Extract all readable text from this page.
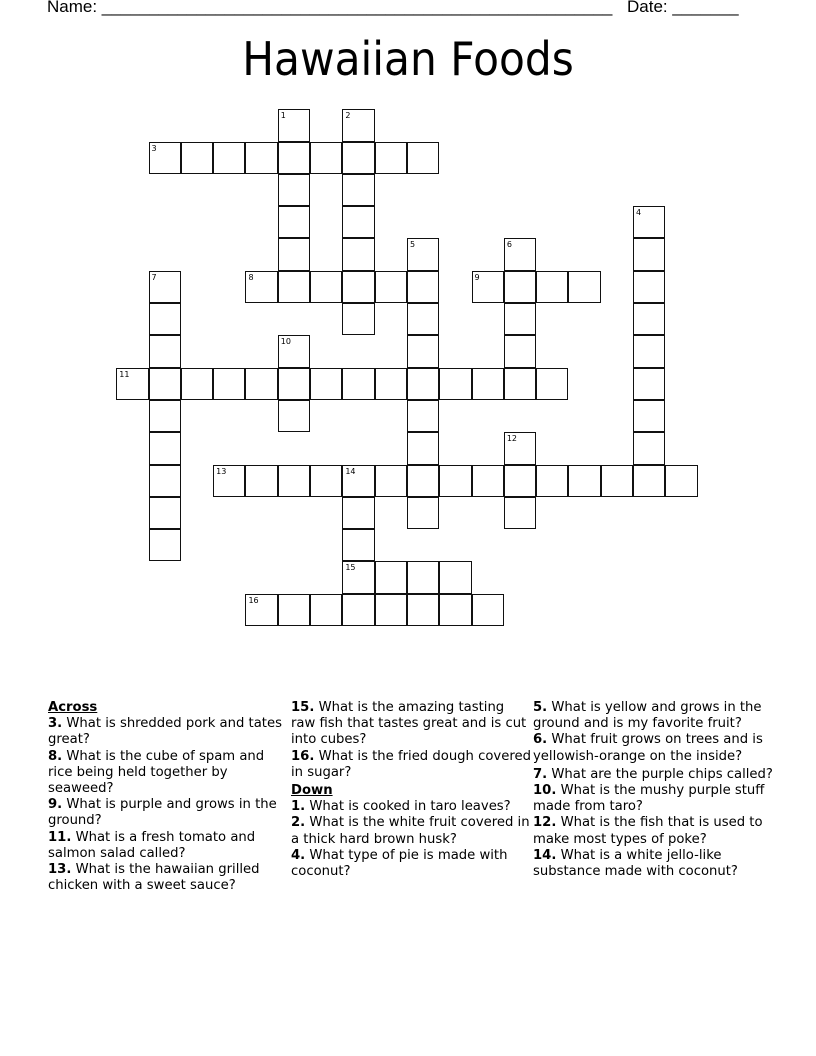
Name: ______________________________________________________ Date: _______
Hawaiian Foods
1	2
3
4
5	6
7	8	9
10
11
12
13	14
15
16
Across

3. What is shredded pork and tates great?

8. What is the cube of spam and rice being held together by seaweed?

9. What is purple and grows in the ground?

11. What is a fresh tomato and salmon salad called?

13. What is the hawaiian grilled chicken with a sweet sauce?

15. What is the amazing tasting raw fish that tastes great and is cut into cubes?

16. What is the fried dough covered in sugar?

Down

1. What is cooked in taro leaves?

2. What is the white fruit covered in a thick hard brown husk?

4. What type of pie is made with coconut?

5. What is yellow and grows in the ground and is my favorite fruit?

6. What fruit grows on trees and is yellowish-orange on the inside?

7. What are the purple chips called?

10. What is the mushy purple stuff made from taro?

12. What is the fish that is used to make most types of poke?

14. What is a white jello-like substance made with coconut?
